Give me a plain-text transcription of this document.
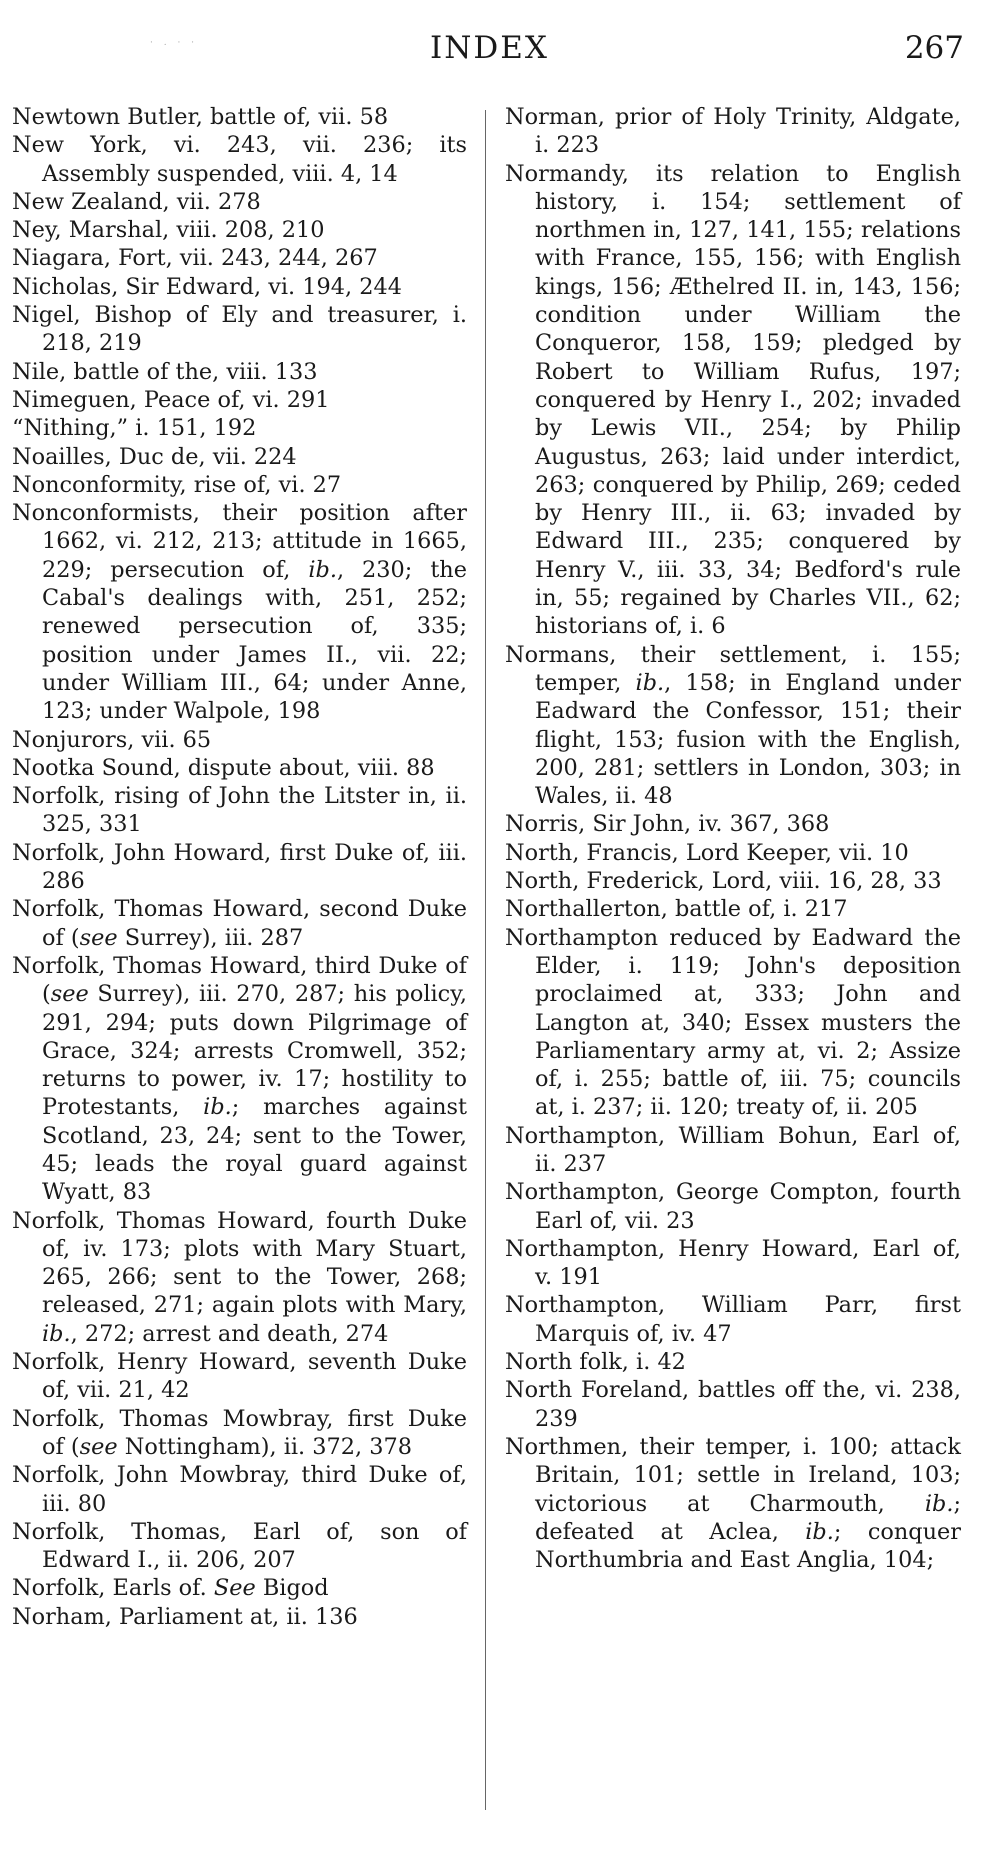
· . · ·	INDEX	267

Newtown Butler, battle of, vii. 58

New York, vi. 243, vii. 236; its Assembly suspended, viii. 4, 14

New Zealand, vii. 278

Ney, Marshal, viii. 208, 210

Niagara, Fort, vii. 243, 244, 267

Nicholas, Sir Edward, vi. 194, 244

Nigel, Bishop of Ely and treasurer, i. 218, 219

Nile, battle of the, viii. 133

Nimeguen, Peace of, vi. 291

“Nithing,” i. 151, 192

Noailles, Duc de, vii. 224

Nonconformity, rise of, vi. 27

Nonconformists, their position after 1662, vi. 212, 213; attitude in 1665, 229; persecution of, ib., 230; the Cabal's dealings with, 251, 252; renewed persecution of, 335; position under James II., vii. 22; under William III., 64; under Anne, 123; under Walpole, 198

Nonjurors, vii. 65

Nootka Sound, dispute about, viii. 88

Norfolk, rising of John the Litster in, ii. 325, 331

Norfolk, John Howard, first Duke of, iii. 286

Norfolk, Thomas Howard, second Duke of (see Surrey), iii. 287

Norfolk, Thomas Howard, third Duke of (see Surrey), iii. 270, 287; his policy, 291, 294; puts down Pilgrimage of Grace, 324; arrests Cromwell, 352; returns to power, iv. 17; hostility to Protestants, ib.; marches against Scotland, 23, 24; sent to the Tower, 45; leads the royal guard against Wyatt, 83

Norfolk, Thomas Howard, fourth Duke of, iv. 173; plots with Mary Stuart, 265, 266; sent to the Tower, 268; released, 271; again plots with Mary, ib., 272; arrest and death, 274

Norfolk, Henry Howard, seventh Duke of, vii. 21, 42

Norfolk, Thomas Mowbray, first Duke of (see Nottingham), ii. 372, 378

Norfolk, John Mowbray, third Duke of, iii. 80

Norfolk, Thomas, Earl of, son of Edward I., ii. 206, 207

Norfolk, Earls of. See Bigod

Norham, Parliament at, ii. 136

Norman, prior of Holy Trinity, Aldgate, i. 223

Normandy, its relation to English history, i. 154; settlement of northmen in, 127, 141, 155; relations with France, 155, 156; with English kings, 156; Æthelred II. in, 143, 156; condition under William the Conqueror, 158, 159; pledged by Robert to William Rufus, 197; conquered by Henry I., 202; invaded by Lewis VII., 254; by Philip Augustus, 263; laid under interdict, 263; conquered by Philip, 269; ceded by Henry III., ii. 63; invaded by Edward III., 235; conquered by Henry V., iii. 33, 34; Bedford's rule in, 55; regained by Charles VII., 62; historians of, i. 6

Normans, their settlement, i. 155; temper, ib., 158; in England under Eadward the Confessor, 151; their flight, 153; fusion with the English, 200, 281; settlers in London, 303; in Wales, ii. 48

Norris, Sir John, iv. 367, 368

North, Francis, Lord Keeper, vii. 10

North, Frederick, Lord, viii. 16, 28, 33

Northallerton, battle of, i. 217

Northampton reduced by Eadward the Elder, i. 119; John's deposition proclaimed at, 333; John and Langton at, 340; Essex musters the Parliamentary army at, vi. 2; Assize of, i. 255; battle of, iii. 75; councils at, i. 237; ii. 120; treaty of, ii. 205

Northampton, William Bohun, Earl of, ii. 237

Northampton, George Compton, fourth Earl of, vii. 23

Northampton, Henry Howard, Earl of, v. 191

Northampton, William Parr, first Marquis of, iv. 47

North folk, i. 42

North Foreland, battles off the, vi. 238, 239

Northmen, their temper, i. 100; attack Britain, 101; settle in Ireland, 103; victorious at Charmouth, ib.; defeated at Aclea, ib.; conquer Northumbria and East Anglia, 104;
